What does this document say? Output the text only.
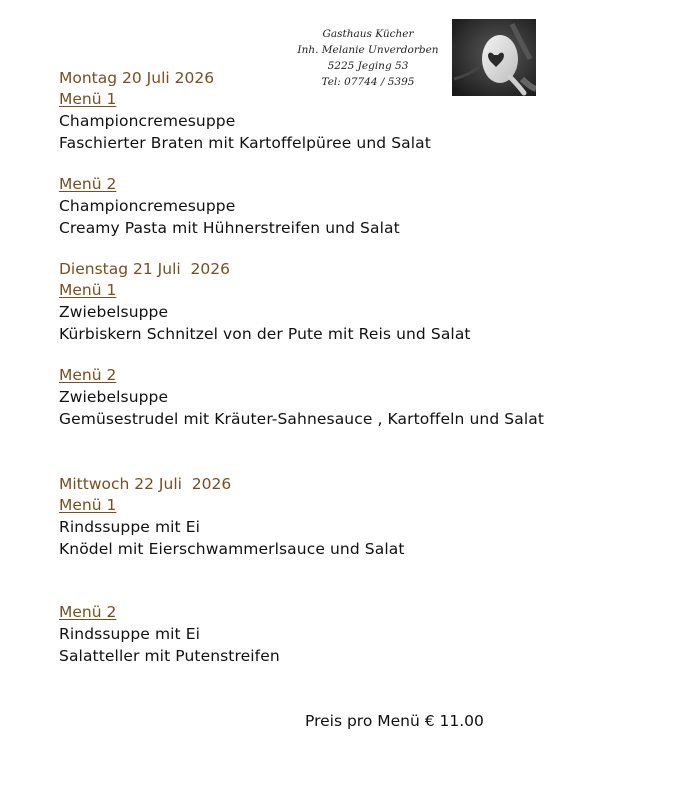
Gasthaus Kücher
Inh. Melanie Unverdorben
5225 Jeging 53
Tel: 07744 / 5395
Montag 20 Juli 2026
Menü 1
Championcremesuppe
Faschierter Braten mit Kartoffelpüree und Salat
Menü 2
Championcremesuppe
Creamy Pasta mit Hühnerstreifen und Salat
Dienstag 21 Juli  2026
Menü 1
Zwiebelsuppe
Kürbiskern Schnitzel von der Pute mit Reis und Salat
Menü 2
Zwiebelsuppe
Gemüsestrudel mit Kräuter-Sahnesauce , Kartoffeln und Salat
Mittwoch 22 Juli  2026
Menü 1
Rindssuppe mit Ei
Knödel mit Eierschwammerlsauce und Salat
Menü 2
Rindssuppe mit Ei
Salatteller mit Putenstreifen
Preis pro Menü € 11.00
